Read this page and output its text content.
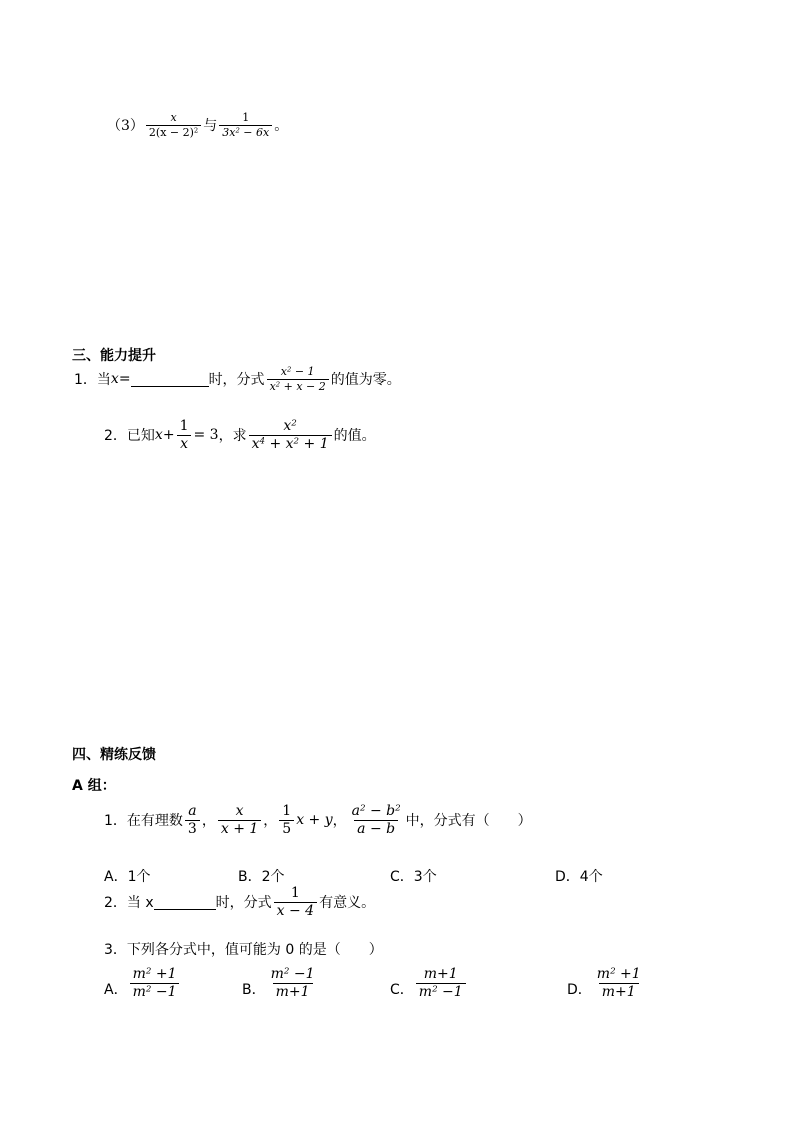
$(3) \frac{x}{2(x - 2)^2}$ 与 $\frac{1}{3x^2 - 6x}$ 。
三、能力提升
1．当 x =	时，分式 $\frac{x^2 - 1}{x^2 + x - 2}$ 的值为零。
2．已知 $x + \frac{1}{x} = 3$ ，求 $\frac{x^2}{x^4 + x^2 + 1}$ 的值。
四、精练反馈
A 组：
1．在有理数 $\frac{a}{3}$ ， $\frac{x}{x + 1}$ ， $\frac{1}{5}$ x + y ， $\frac{a^2 - b^2}{a - b}$ 中，分式有（　　）
A．1个	B．2个	C．3个	D．4个
2．当 x	时，分式 $\frac{1}{x - 4}$ 有意义。
3．下列各分式中，值可能为 0 的是（　　）
A． $\frac{m^2 +1}{m^2 -1}$	B． $\frac{m^2 -1}{m+1}$	C． $\frac{m+1}{m^2 -1}$	D． $\frac{m^2 +1}{m+1}$
